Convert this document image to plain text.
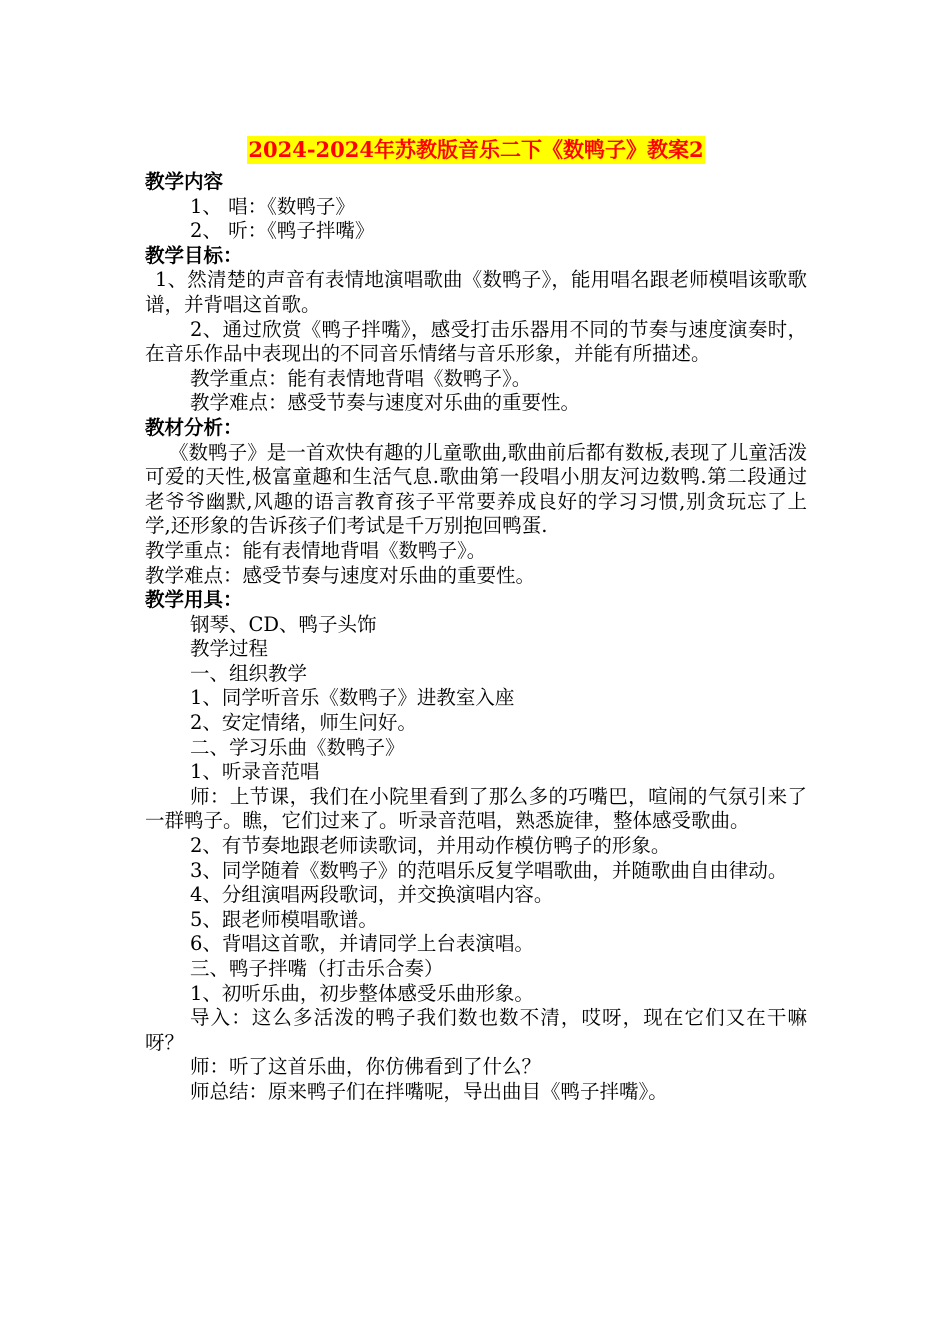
2024-2024年苏教版音乐二下《数鸭子》教案2
教学内容
1、 唱：《数鸭子》
2、 听：《鸭子拌嘴》
教学目标：
1、然清楚的声音有表情地演唱歌曲《数鸭子》，能用唱名跟老师模唱该歌歌谱，并背唱这首歌。
2、通过欣赏《鸭子拌嘴》，感受打击乐器用不同的节奏与速度演奏时，在音乐作品中表现出的不同音乐情绪与音乐形象，并能有所描述。
教学重点：能有表情地背唱《数鸭子》。
教学难点：感受节奏与速度对乐曲的重要性。
教材分析：
《数鸭子》是一首欢快有趣的儿童歌曲,歌曲前后都有数板,表现了儿童活泼可爱的天性,极富童趣和生活气息.歌曲第一段唱小朋友河边数鸭.第二段通过老爷爷幽默,风趣的语言教育孩子平常要养成良好的学习习惯,别贪玩忘了上学,还形象的告诉孩子们考试是千万别抱回鸭蛋.
教学重点：能有表情地背唱《数鸭子》。
教学难点：感受节奏与速度对乐曲的重要性。
教学用具：
钢琴、CD、鸭子头饰
教学过程
一、组织教学
1、同学听音乐《数鸭子》进教室入座
2、安定情绪，师生问好。
二、学习乐曲《数鸭子》
1、听录音范唱
师：上节课，我们在小院里看到了那么多的巧嘴巴，喧闹的气氛引来了一群鸭子。瞧，它们过来了。听录音范唱，熟悉旋律，整体感受歌曲。
2、有节奏地跟老师读歌词，并用动作模仿鸭子的形象。
3、同学随着《数鸭子》的范唱乐反复学唱歌曲，并随歌曲自由律动。
4、分组演唱两段歌词，并交换演唱内容。
5、跟老师模唱歌谱。
6、背唱这首歌，并请同学上台表演唱。
三、鸭子拌嘴（打击乐合奏）
1、初听乐曲，初步整体感受乐曲形象。
导入：这么多活泼的鸭子我们数也数不清，哎呀，现在它们又在干嘛呀？
师：听了这首乐曲，你仿佛看到了什么？
师总结：原来鸭子们在拌嘴呢，导出曲目《鸭子拌嘴》。
